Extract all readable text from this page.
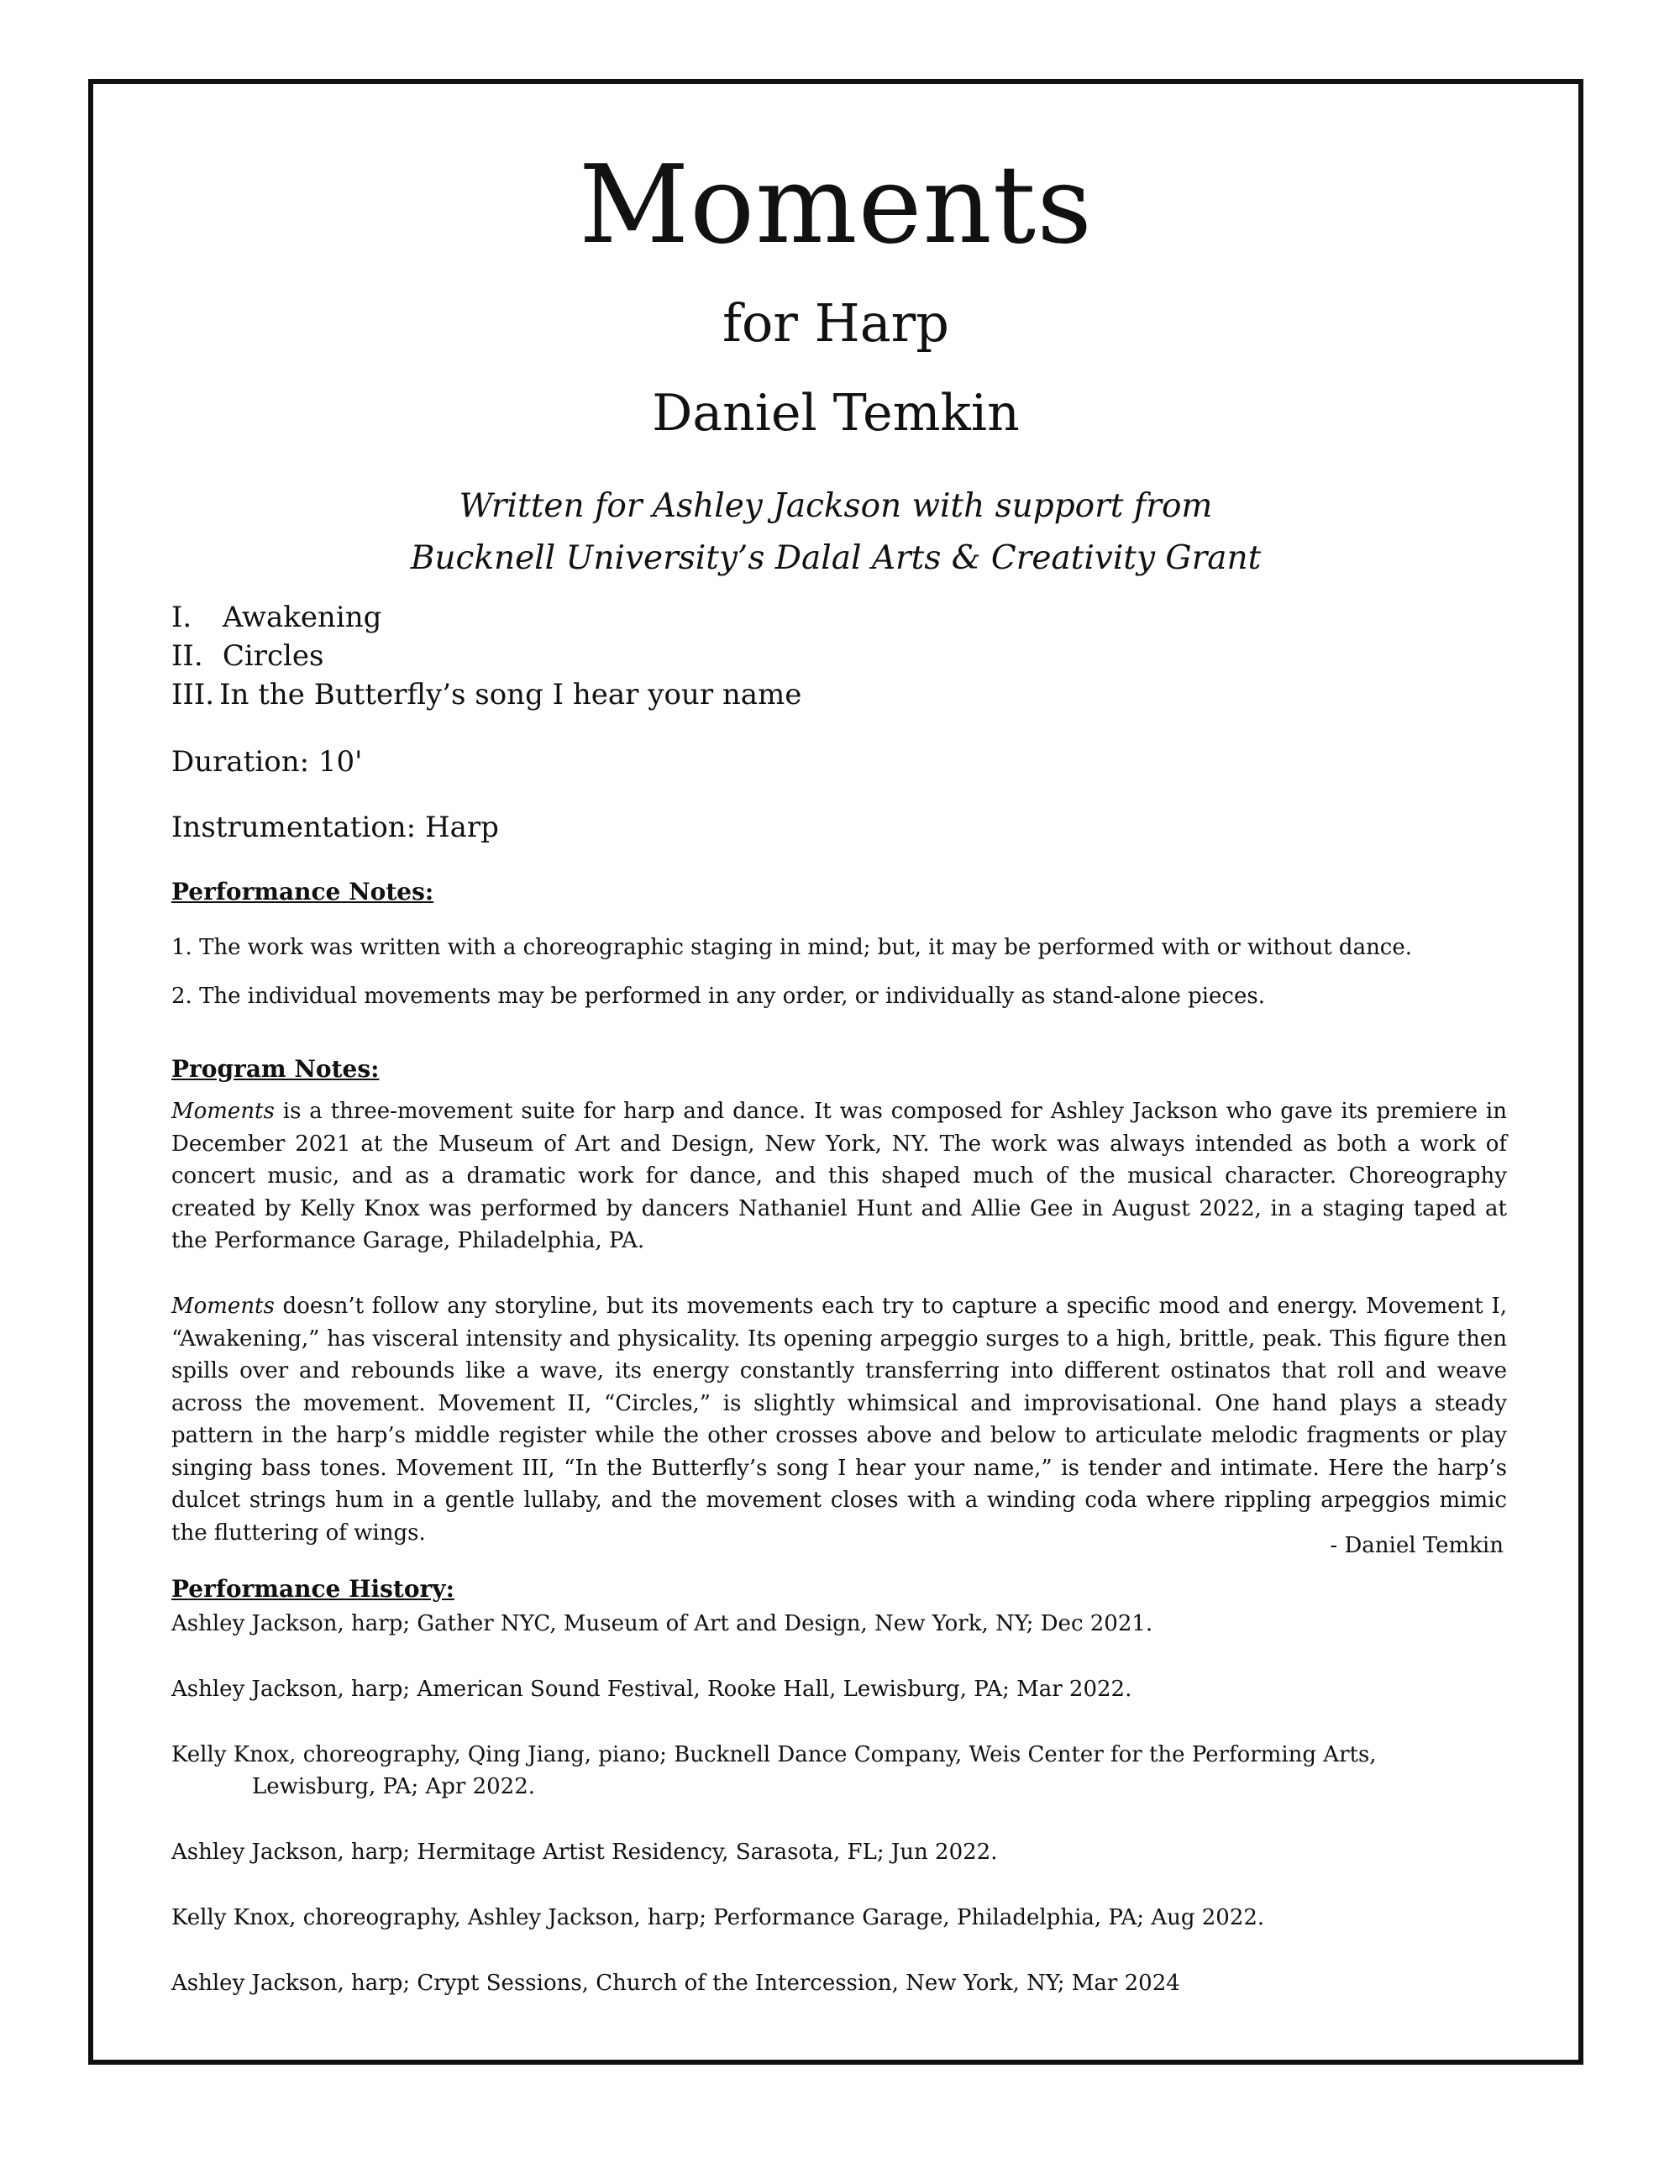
Moments
for Harp
Daniel Temkin
Written for Ashley Jackson with support from
Bucknell University’s Dalal Arts & Creativity Grant
I. Awakening
II. Circles
III. In the Butterfly’s song I hear your name
Duration: 10'
Instrumentation: Harp
Performance Notes:
1. The work was written with a choreographic staging in mind; but, it may be performed with or without dance.
2. The individual movements may be performed in any order, or individually as stand-alone pieces.
Program Notes:
Moments is a three-movement suite for harp and dance. It was composed for Ashley Jackson who gave its premiere in December 2021 at the Museum of Art and Design, New York, NY. The work was always intended as both a work of concert music, and as a dramatic work for dance, and this shaped much of the musical character. Choreography created by Kelly Knox was performed by dancers Nathaniel Hunt and Allie Gee in August 2022, in a staging taped at the Performance Garage, Philadelphia, PA.
Moments doesn’t follow any storyline, but its movements each try to capture a specific mood and energy. Movement I, “Awakening,” has visceral intensity and physicality. Its opening arpeggio surges to a high, brittle, peak. This figure then spills over and rebounds like a wave, its energy constantly transferring into different ostinatos that roll and weave across the movement. Movement II, “Circles,” is slightly whimsical and improvisational. One hand plays a steady pattern in the harp’s middle register while the other crosses above and below to articulate melodic fragments or play singing bass tones. Movement III, “In the Butterfly’s song I hear your name,” is tender and intimate. Here the harp’s dulcet strings hum in a gentle lullaby, and the movement closes with a winding coda where rippling arpeggios mimic the fluttering of wings.
- Daniel Temkin
Performance History:
Ashley Jackson, harp; Gather NYC, Museum of Art and Design, New York, NY; Dec 2021.
Ashley Jackson, harp; American Sound Festival, Rooke Hall, Lewisburg, PA; Mar 2022.
Kelly Knox, choreography, Qing Jiang, piano; Bucknell Dance Company, Weis Center for the Performing Arts,
Lewisburg, PA; Apr 2022.
Ashley Jackson, harp; Hermitage Artist Residency, Sarasota, FL; Jun 2022.
Kelly Knox, choreography, Ashley Jackson, harp; Performance Garage, Philadelphia, PA; Aug 2022.
Ashley Jackson, harp; Crypt Sessions, Church of the Intercession, New York, NY; Mar 2024
